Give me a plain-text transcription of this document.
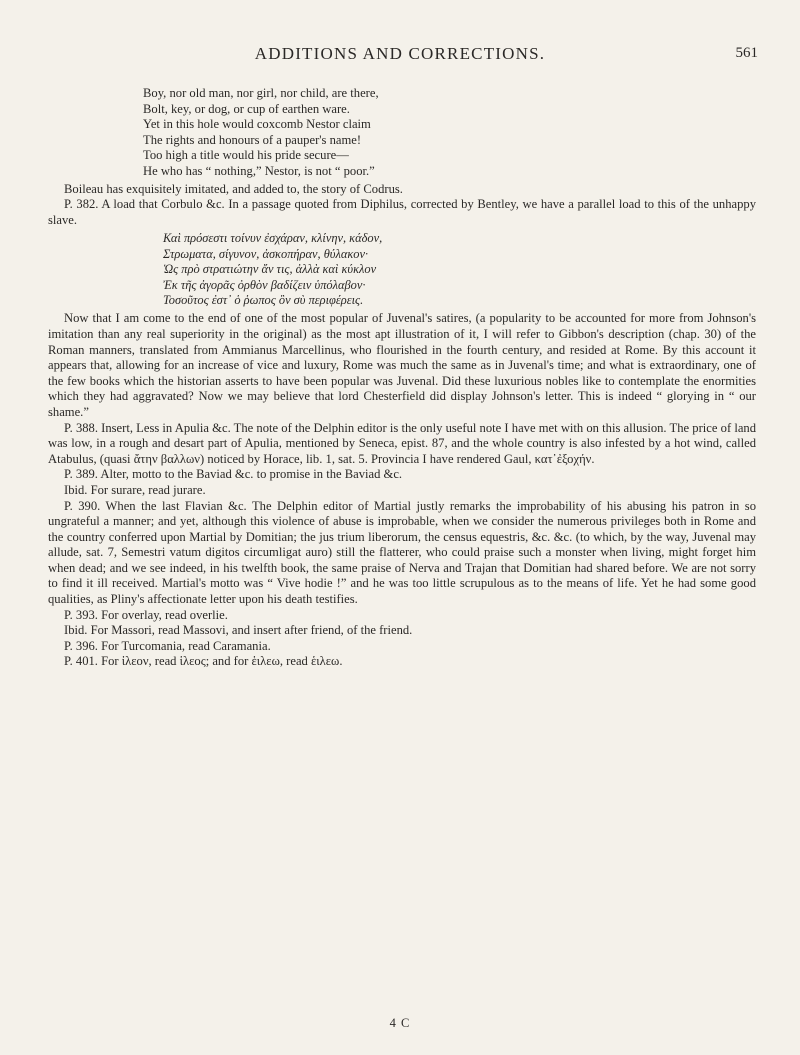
ADDITIONS AND CORRECTIONS.	561
Boy, nor old man, nor girl, nor child, are there,
Bolt, key, or dog, or cup of earthen ware.
Yet in this hole would coxcomb Nestor claim
The rights and honours of a pauper's name!
Too high a title would his pride secure—
He who has “ nothing,” Nestor, is not “ poor.”

Boileau has exquisitely imitated, and added to, the story of Codrus.

P. 382. A load that Corbulo &c. In a passage quoted from Diphilus, corrected by Bentley, we have a parallel load to this of the unhappy slave.

Καὶ πρόσεστι τοίνυν ἐσχάραν, κλίνην, κάδον,
Στρωματα, σίγυνον, ἀσκοπήραν, θύλακον·
Ὡς πρὸ στρατιώτην ἄν τις, ἀλλὰ καὶ κύκλον
Ἐκ τῆς ἀγορᾶς ὀρθὸν βαδίζειν ὑπόλαβον·
Τοσοῦτος ἐστ᾽ ὁ ῥωπος ὃν σὺ περιφέρεις.

Now that I am come to the end of one of the most popular of Juvenal's satires, (a popularity to be accounted for more from Johnson's imitation than any real superiority in the original) as the most apt illustration of it, I will refer to Gibbon's description (chap. 30) of the Roman manners, translated from Ammianus Marcellinus, who flourished in the fourth century, and resided at Rome. By this account it appears that, allowing for an increase of vice and luxury, Rome was much the same as in Juvenal's time; and what is extraordinary, one of the few books which the historian asserts to have been popular was Juvenal. Did these luxurious nobles like to contemplate the enormities which they had aggravated? Now we may believe that lord Chesterfield did display Johnson's letter. This is indeed “ glorying in “ our shame.”

P. 388. Insert, Less in Apulia &c. The note of the Delphin editor is the only useful note I have met with on this allusion. The price of land was low, in a rough and desart part of Apulia, mentioned by Seneca, epist. 87, and the whole country is also infested by a hot wind, called Atabulus, (quasi ἄτην βαλλων) noticed by Horace, lib. 1, sat. 5. Provincia I have rendered Gaul, κατ᾽ἐξοχήν.

P. 389. Alter, motto to the Baviad &c. to promise in the Baviad &c.

Ibid. For surare, read jurare.

P. 390. When the last Flavian &c. The Delphin editor of Martial justly remarks the improbability of his abusing his patron in so ungrateful a manner; and yet, although this violence of abuse is improbable, when we consider the numerous privileges both in Rome and the country conferred upon Martial by Domitian; the jus trium liberorum, the census equestris, &c. &c. (to which, by the way, Juvenal may allude, sat. 7, Semestri vatum digitos circumligat auro) still the flatterer, who could praise such a monster when living, might forget him when dead; and we see indeed, in his twelfth book, the same praise of Nerva and Trajan that Domitian had shared before. We are not sorry to find it ill received. Martial's motto was “ Vive hodie !” and he was too little scrupulous as to the means of life. Yet he had some good qualities, as Pliny's affectionate letter upon his death testifies.

P. 393. For overlay, read overlie.

Ibid. For Massori, read Massovi, and insert after friend, of the friend.

P. 396. For Turcomania, read Caramania.

P. 401. For ἰλεον, read ἱλεος; and for ἑιλεω, read ἑιλεω.

4 C
